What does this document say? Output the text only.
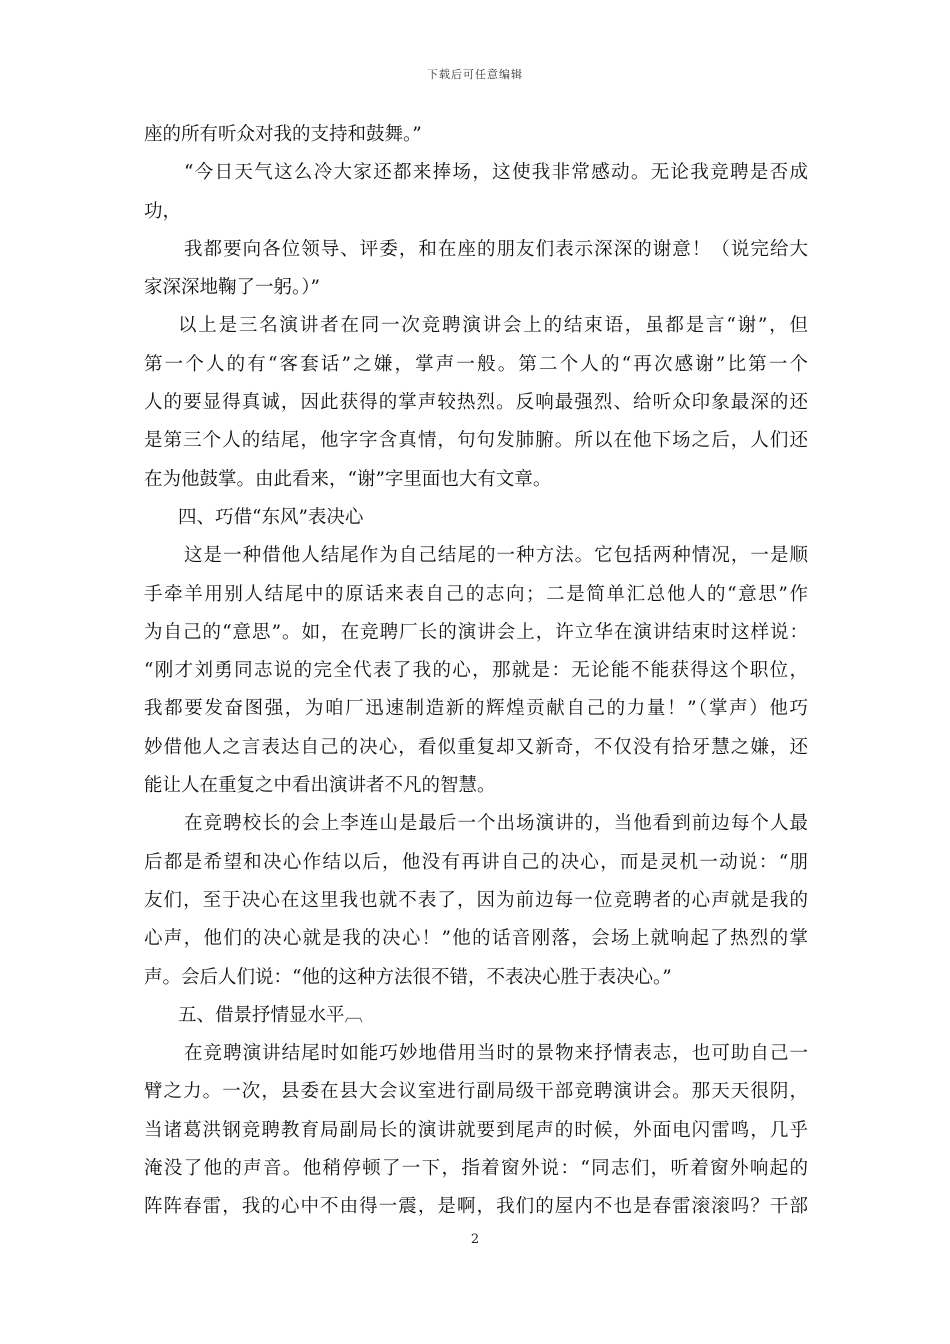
下载后可任意编辑
座的所有听众对我的支持和鼓舞。”
“今日天气这么冷大家还都来捧场，这使我非常感动。无论我竞聘是否成
功，
我都要向各位领导、评委，和在座的朋友们表示深深的谢意！（说完给大
家深深地鞠了一躬。）”
以上是三名演讲者在同一次竞聘演讲会上的结束语，虽都是言“谢”，但
第一个人的有“客套话”之嫌，掌声一般。第二个人的“再次感谢”比第一个
人的要显得真诚，因此获得的掌声较热烈。反响最强烈、给听众印象最深的还
是第三个人的结尾，他字字含真情，句句发肺腑。所以在他下场之后，人们还
在为他鼓掌。由此看来，“谢”字里面也大有文章。
四、巧借“东风”表决心
这是一种借他人结尾作为自己结尾的一种方法。它包括两种情况，一是顺
手牵羊用别人结尾中的原话来表自己的志向；二是简单汇总他人的“意思”作
为自己的“意思”。如，在竞聘厂长的演讲会上，许立华在演讲结束时这样说：
“刚才刘勇同志说的完全代表了我的心，那就是：无论能不能获得这个职位，
我都要发奋图强，为咱厂迅速制造新的辉煌贡献自己的力量！”（掌声）他巧
妙借他人之言表达自己的决心，看似重复却又新奇，不仅没有拾牙慧之嫌，还
能让人在重复之中看出演讲者不凡的智慧。
在竞聘校长的会上李连山是最后一个出场演讲的，当他看到前边每个人最
后都是希望和决心作结以后，他没有再讲自己的决心，而是灵机一动说：“朋
友们，至于决心在这里我也就不表了，因为前边每一位竞聘者的心声就是我的
心声，他们的决心就是我的决心！”他的话音刚落，会场上就响起了热烈的掌
声。会后人们说：“他的这种方法很不错，不表决心胜于表决心。”
五、借景抒情显水平︹
在竞聘演讲结尾时如能巧妙地借用当时的景物来抒情表志，也可助自己一
臂之力。一次，县委在县大会议室进行副局级干部竞聘演讲会。那天天很阴，
当诸葛洪钢竞聘教育局副局长的演讲就要到尾声的时候，外面电闪雷鸣，几乎
淹没了他的声音。他稍停顿了一下，指着窗外说：“同志们，听着窗外响起的
阵阵春雷，我的心中不由得一震，是啊，我们的屋内不也是春雷滚滚吗？干部
2
